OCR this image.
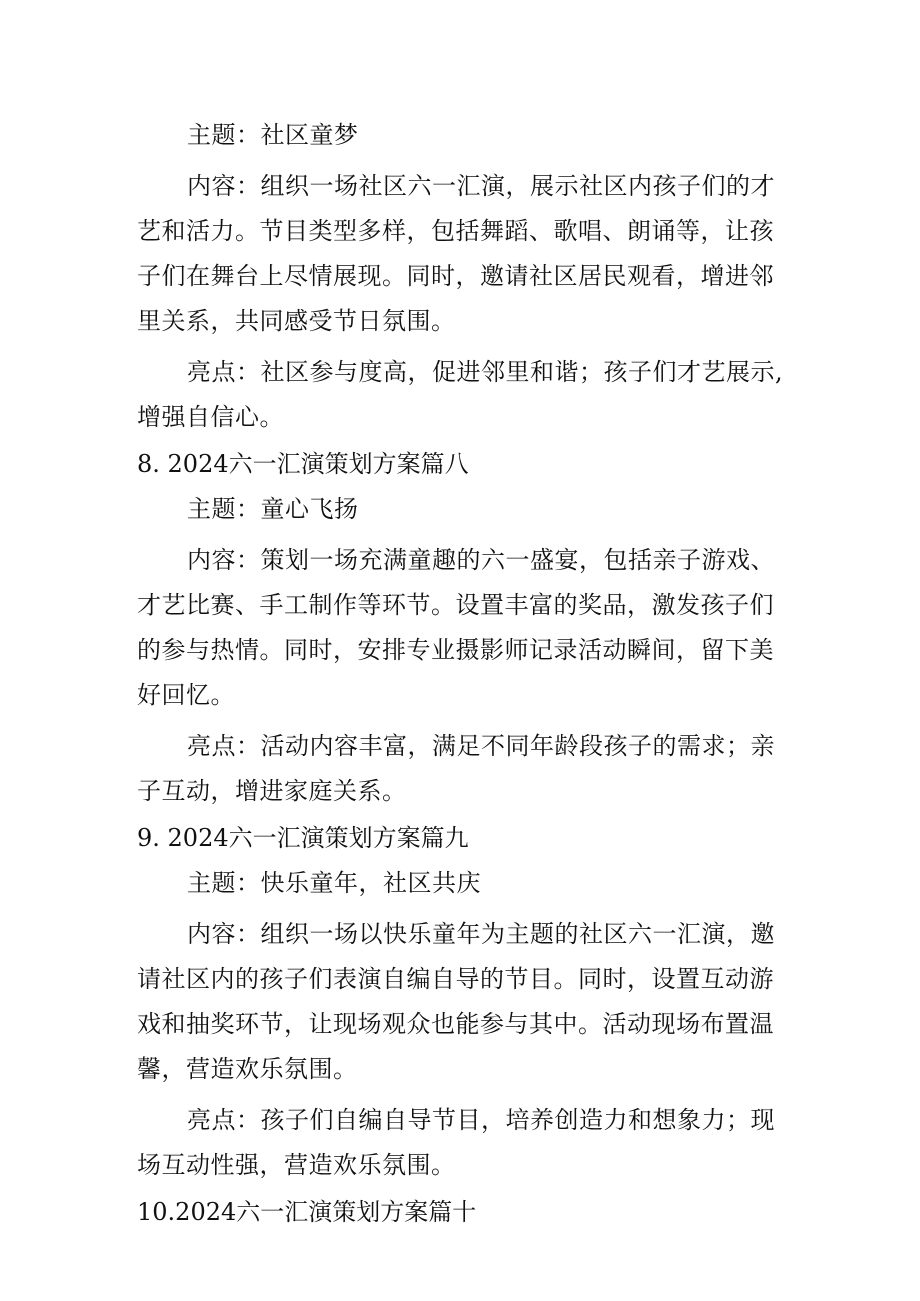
主题：社区童梦

内容：组织一场社区六一汇演，展示社区内孩子们的才艺和活力。节目类型多样，包括舞蹈、歌唱、朗诵等，让孩子们在舞台上尽情展现。同时，邀请社区居民观看，增进邻里关系，共同感受节日氛围。

亮点：社区参与度高，促进邻里和谐；孩子们才艺展示,增强自信心。

8. 2024六一汇演策划方案篇八

主题：童心飞扬

内容：策划一场充满童趣的六一盛宴，包括亲子游戏、才艺比赛、手工制作等环节。设置丰富的奖品，激发孩子们的参与热情。同时，安排专业摄影师记录活动瞬间，留下美好回忆。

亮点：活动内容丰富，满足不同年龄段孩子的需求；亲子互动，增进家庭关系。

9. 2024六一汇演策划方案篇九

主题：快乐童年，社区共庆

内容：组织一场以快乐童年为主题的社区六一汇演，邀请社区内的孩子们表演自编自导的节目。同时，设置互动游戏和抽奖环节，让现场观众也能参与其中。活动现场布置温馨，营造欢乐氛围。

亮点：孩子们自编自导节目，培养创造力和想象力；现场互动性强，营造欢乐氛围。

10.2024六一汇演策划方案篇十
